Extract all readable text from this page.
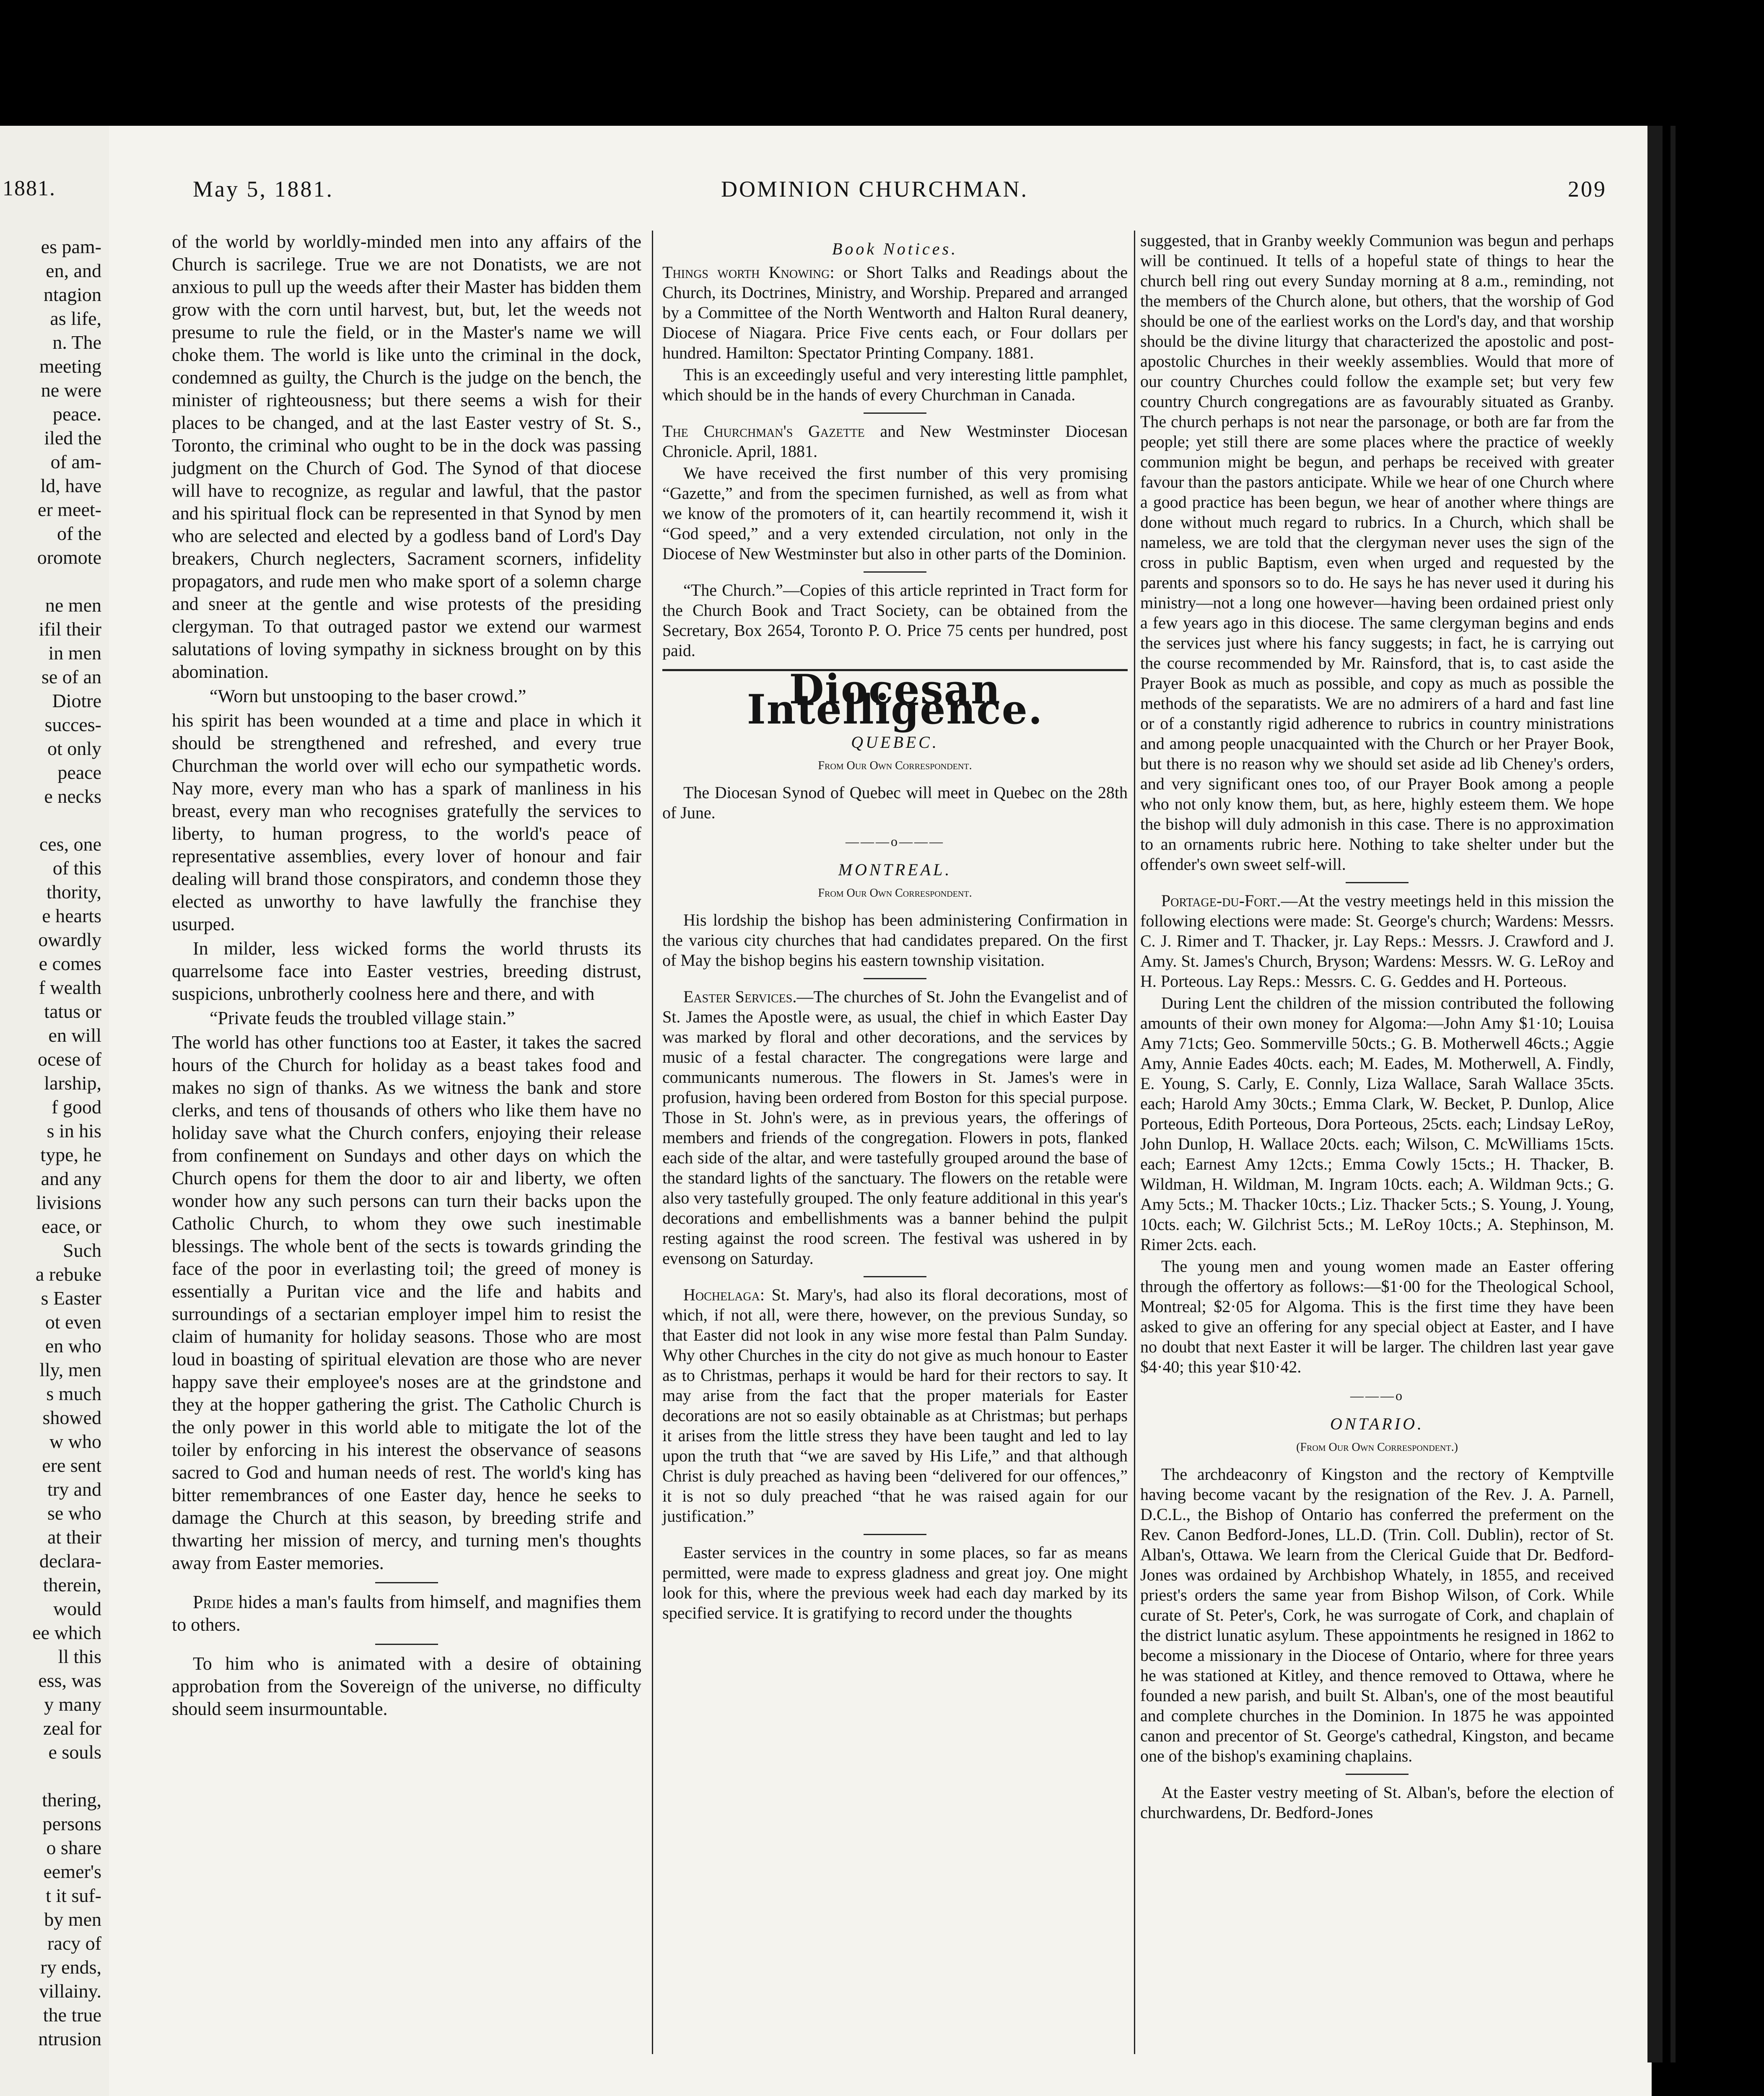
1881.
es pam-
en, and
ntagion
as life,
n. The
meeting
ne were
peace.
iled the
of am-
ld, have
er meet-
of the
oromote

ne men
ifil their
in men
se of an
Diotre
succes-
ot only
peace
e necks

ces, one
of this
thority,
e hearts
owardly
e comes
f wealth
tatus or
en will
ocese of
larship,
f good
s in his
type, he
and any
livisions
eace, or
Such
a rebuke
s Easter
ot even
en who
lly, men
s much
showed
w who
ere sent
try and
se who
at their
declara-
therein,
would
ee which
ll this
ess, was
y many
zeal for
e souls

thering,
persons
o share
eemer's
t it suf-
by men
racy of
ry ends,
villainy.
the true
ntrusion
May 5, 1881.	DOMINION CHURCHMAN.	209

of the world by worldly-minded men into any affairs of the Church is sacrilege. True we are not Donatists, we are not anxious to pull up the weeds after their Master has bidden them grow with the corn until harvest, but, but, let the weeds not presume to rule the field, or in the Master's name we will choke them. The world is like unto the criminal in the dock, condemned as guilty, the Church is the judge on the bench, the minister of righteousness; but there seems a wish for their places to be changed, and at the last Easter vestry of St. S., Toronto, the criminal who ought to be in the dock was passing judgment on the Church of God. The Synod of that diocese will have to recognize, as regular and lawful, that the pastor and his spiritual flock can be represented in that Synod by men who are selected and elected by a godless band of Lord's Day breakers, Church neglecters, Sacrament scorners, infidelity propagators, and rude men who make sport of a solemn charge and sneer at the gentle and wise protests of the presiding clergyman. To that outraged pastor we extend our warmest salutations of loving sympathy in sickness brought on by this abomination.

“Worn but unstooping to the baser crowd.”

his spirit has been wounded at a time and place in which it should be strengthened and refreshed, and every true Churchman the world over will echo our sympathetic words. Nay more, every man who has a spark of manliness in his breast, every man who recognises gratefully the services to liberty, to human progress, to the world's peace of representative assemblies, every lover of honour and fair dealing will brand those conspirators, and condemn those they elected as unworthy to have lawfully the franchise they usurped.

In milder, less wicked forms the world thrusts its quarrelsome face into Easter vestries, breeding distrust, suspicions, unbrotherly coolness here and there, and with

“Private feuds the troubled village stain.”

The world has other functions too at Easter, it takes the sacred hours of the Church for holiday as a beast takes food and makes no sign of thanks. As we witness the bank and store clerks, and tens of thousands of others who like them have no holiday save what the Church confers, enjoying their release from confinement on Sundays and other days on which the Church opens for them the door to air and liberty, we often wonder how any such persons can turn their backs upon the Catholic Church, to whom they owe such inestimable blessings. The whole bent of the sects is towards grinding the face of the poor in everlasting toil; the greed of money is essentially a Puritan vice and the life and habits and surroundings of a sectarian employer impel him to resist the claim of humanity for holiday seasons. Those who are most loud in boasting of spiritual elevation are those who are never happy save their employee's noses are at the grindstone and they at the hopper gathering the grist. The Catholic Church is the only power in this world able to mitigate the lot of the toiler by enforcing in his interest the observance of seasons sacred to God and human needs of rest. The world's king has bitter remembrances of one Easter day, hence he seeks to damage the Church at this season, by breeding strife and thwarting her mission of mercy, and turning men's thoughts away from Easter memories.

Pride hides a man's faults from himself, and magnifies them to others.

To him who is animated with a desire of obtaining approbation from the Sovereign of the universe, no difficulty should seem insurmountable.

Book Notices.

Things worth Knowing: or Short Talks and Readings about the Church, its Doctrines, Ministry, and Worship. Prepared and arranged by a Committee of the North Wentworth and Halton Rural deanery, Diocese of Niagara. Price Five cents each, or Four dollars per hundred. Hamilton: Spectator Printing Company. 1881.

This is an exceedingly useful and very interesting little pamphlet, which should be in the hands of every Churchman in Canada.

The Churchman's Gazette and New Westminster Diocesan Chronicle. April, 1881.

We have received the first number of this very promising “Gazette,” and from the specimen furnished, as well as from what we know of the promoters of it, can heartily recommend it, wish it “God speed,” and a very extended circulation, not only in the Diocese of New Westminster but also in other parts of the Dominion.

“The Church.”—Copies of this article reprinted in Tract form for the Church Book and Tract Society, can be obtained from the Secretary, Box 2654, Toronto P. O. Price 75 cents per hundred, post paid.

Diocesan Intelligence.
QUEBEC.
From Our Own Correspondent.

The Diocesan Synod of Quebec will meet in Quebec on the 28th of June.

———o———
MONTREAL.
From Our Own Correspondent.

His lordship the bishop has been administering Confirmation in the various city churches that had candidates prepared. On the first of May the bishop begins his eastern township visitation.

Easter Services.—The churches of St. John the Evangelist and of St. James the Apostle were, as usual, the chief in which Easter Day was marked by floral and other decorations, and the services by music of a festal character. The congregations were large and communicants numerous. The flowers in St. James's were in profusion, having been ordered from Boston for this special purpose. Those in St. John's were, as in previous years, the offerings of members and friends of the congregation. Flowers in pots, flanked each side of the altar, and were tastefully grouped around the base of the standard lights of the sanctuary. The flowers on the retable were also very tastefully grouped. The only feature additional in this year's decorations and embellishments was a banner behind the pulpit resting against the rood screen. The festival was ushered in by evensong on Saturday.

Hochelaga: St. Mary's, had also its floral decorations, most of which, if not all, were there, however, on the previous Sunday, so that Easter did not look in any wise more festal than Palm Sunday. Why other Churches in the city do not give as much honour to Easter as to Christmas, perhaps it would be hard for their rectors to say. It may arise from the fact that the proper materials for Easter decorations are not so easily obtainable as at Christmas; but perhaps it arises from the little stress they have been taught and led to lay upon the truth that “we are saved by His Life,” and that although Christ is duly preached as having been “delivered for our offences,” it is not so duly preached “that he was raised again for our justification.”

Easter services in the country in some places, so far as means permitted, were made to express gladness and great joy. One might look for this, where the previous week had each day marked by its specified service. It is gratifying to record under the thoughts

suggested, that in Granby weekly Communion was begun and perhaps will be continued. It tells of a hopeful state of things to hear the church bell ring out every Sunday morning at 8 a.m., reminding, not the members of the Church alone, but others, that the worship of God should be one of the earliest works on the Lord's day, and that worship should be the divine liturgy that characterized the apostolic and post-apostolic Churches in their weekly assemblies. Would that more of our country Churches could follow the example set; but very few country Church congregations are as favourably situated as Granby. The church perhaps is not near the parsonage, or both are far from the people; yet still there are some places where the practice of weekly communion might be begun, and perhaps be received with greater favour than the pastors anticipate. While we hear of one Church where a good practice has been begun, we hear of another where things are done without much regard to rubrics. In a Church, which shall be nameless, we are told that the clergyman never uses the sign of the cross in public Baptism, even when urged and requested by the parents and sponsors so to do. He says he has never used it during his ministry—not a long one however—having been ordained priest only a few years ago in this diocese. The same clergyman begins and ends the services just where his fancy suggests; in fact, he is carrying out the course recommended by Mr. Rainsford, that is, to cast aside the Prayer Book as much as possible, and copy as much as possible the methods of the separatists. We are no admirers of a hard and fast line or of a constantly rigid adherence to rubrics in country ministrations and among people unacquainted with the Church or her Prayer Book, but there is no reason why we should set aside ad lib Cheney's orders, and very significant ones too, of our Prayer Book among a people who not only know them, but, as here, highly esteem them. We hope the bishop will duly admonish in this case. There is no approximation to an ornaments rubric here. Nothing to take shelter under but the offender's own sweet self-will.

Portage-du-Fort.—At the vestry meetings held in this mission the following elections were made: St. George's church; Wardens: Messrs. C. J. Rimer and T. Thacker, jr. Lay Reps.: Messrs. J. Crawford and J. Amy. St. James's Church, Bryson; Wardens: Messrs. W. G. LeRoy and H. Porteous. Lay Reps.: Messrs. C. G. Geddes and H. Porteous.

During Lent the children of the mission contributed the following amounts of their own money for Algoma:—John Amy $1·10; Louisa Amy 71cts; Geo. Sommerville 50cts.; G. B. Motherwell 46cts.; Aggie Amy, Annie Eades 40cts. each; M. Eades, M. Motherwell, A. Findly, E. Young, S. Carly, E. Connly, Liza Wallace, Sarah Wallace 35cts. each; Harold Amy 30cts.; Emma Clark, W. Becket, P. Dunlop, Alice Porteous, Edith Porteous, Dora Porteous, 25cts. each; Lindsay LeRoy, John Dunlop, H. Wallace 20cts. each; Wilson, C. McWilliams 15cts. each; Earnest Amy 12cts.; Emma Cowly 15cts.; H. Thacker, B. Wildman, H. Wildman, M. Ingram 10cts. each; A. Wildman 9cts.; G. Amy 5cts.; M. Thacker 10cts.; Liz. Thacker 5cts.; S. Young, J. Young, 10cts. each; W. Gilchrist 5cts.; M. LeRoy 10cts.; A. Stephinson, M. Rimer 2cts. each.

The young men and young women made an Easter offering through the offertory as follows:—$1·00 for the Theological School, Montreal; $2·05 for Algoma. This is the first time they have been asked to give an offering for any special object at Easter, and I have no doubt that next Easter it will be larger. The children last year gave $4·40; this year $10·42.

———o
ONTARIO.
(From Our Own Correspondent.)

The archdeaconry of Kingston and the rectory of Kemptville having become vacant by the resignation of the Rev. J. A. Parnell, D.C.L., the Bishop of Ontario has conferred the preferment on the Rev. Canon Bedford-Jones, LL.D. (Trin. Coll. Dublin), rector of St. Alban's, Ottawa. We learn from the Clerical Guide that Dr. Bedford-Jones was ordained by Archbishop Whately, in 1855, and received priest's orders the same year from Bishop Wilson, of Cork. While curate of St. Peter's, Cork, he was surrogate of Cork, and chaplain of the district lunatic asylum. These appointments he resigned in 1862 to become a missionary in the Diocese of Ontario, where for three years he was stationed at Kitley, and thence removed to Ottawa, where he founded a new parish, and built St. Alban's, one of the most beautiful and complete churches in the Dominion. In 1875 he was appointed canon and precentor of St. George's cathedral, Kingston, and became one of the bishop's examining chaplains.

At the Easter vestry meeting of St. Alban's, before the election of churchwardens, Dr. Bedford-Jones
